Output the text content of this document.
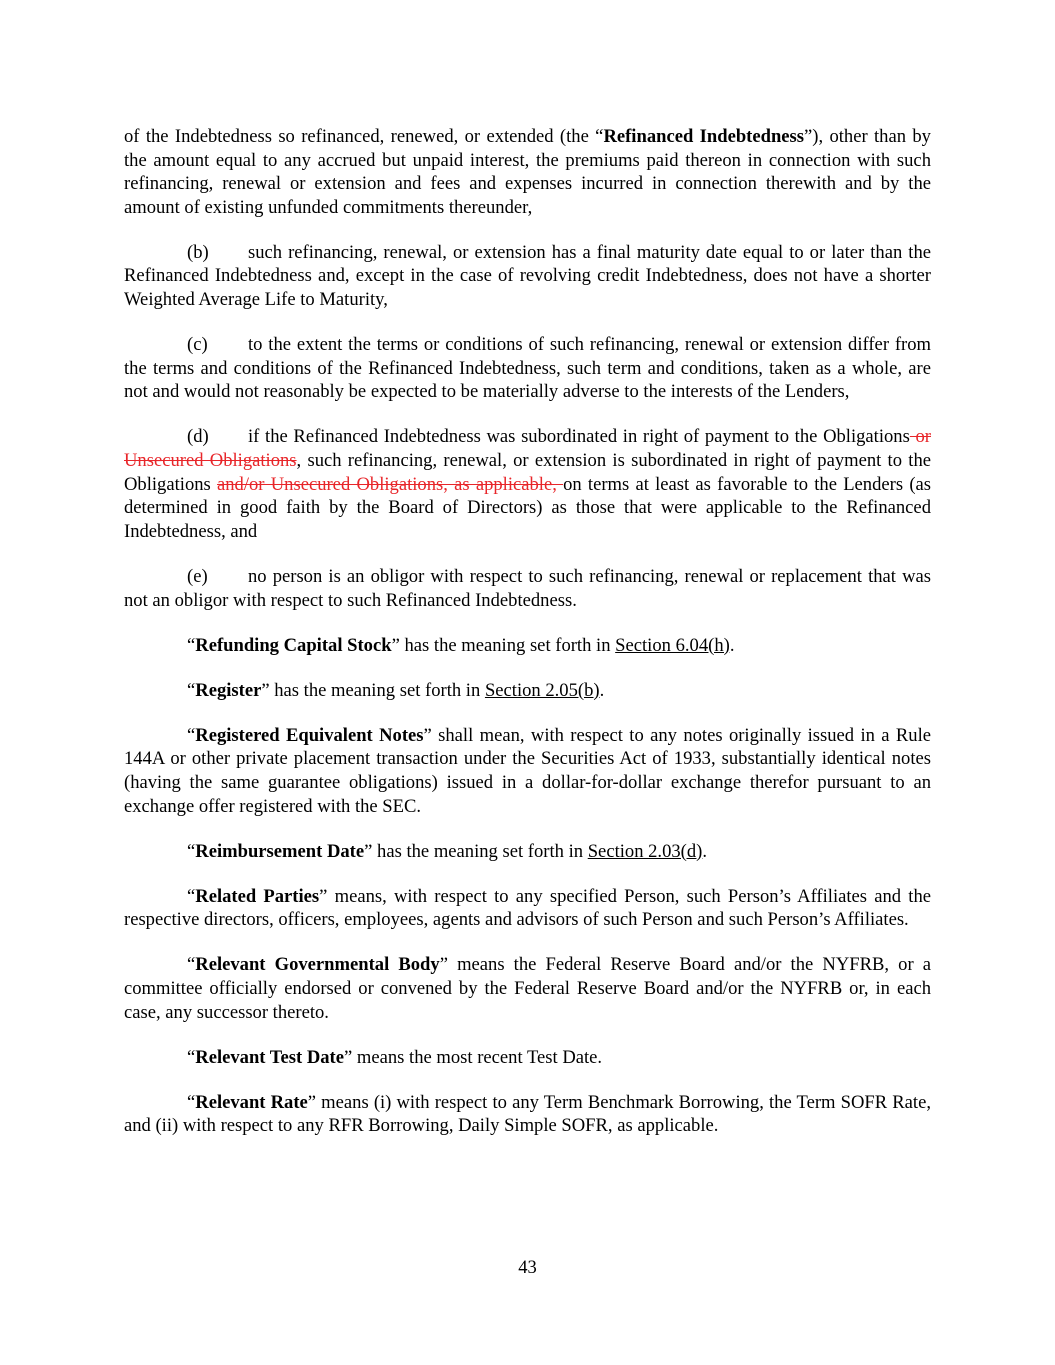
of the Indebtedness so refinanced, renewed, or extended (the “Refinanced Indebtedness”), other than by the amount equal to any accrued but unpaid interest, the premiums paid thereon in connection with such refinancing, renewal or extension and fees and expenses incurred in connection therewith and by the amount of existing unfunded commitments thereunder,

(b) such refinancing, renewal, or extension has a final maturity date equal to or later than the Refinanced Indebtedness and, except in the case of revolving credit Indebtedness, does not have a shorter Weighted Average Life to Maturity,

(c) to the extent the terms or conditions of such refinancing, renewal or extension differ from the terms and conditions of the Refinanced Indebtedness, such term and conditions, taken as a whole, are not and would not reasonably be expected to be materially adverse to the interests of the Lenders,

(d) if the Refinanced Indebtedness was subordinated in right of payment to the Obligations or Unsecured Obligations, such refinancing, renewal, or extension is subordinated in right of payment to the Obligations and/or Unsecured Obligations, as applicable, on terms at least as favorable to the Lenders (as determined in good faith by the Board of Directors) as those that were applicable to the Refinanced Indebtedness, and

(e) no person is an obligor with respect to such refinancing, renewal or replacement that was not an obligor with respect to such Refinanced Indebtedness.

“Refunding Capital Stock” has the meaning set forth in Section 6.04(h).

“Register” has the meaning set forth in Section 2.05(b).

“Registered Equivalent Notes” shall mean, with respect to any notes originally issued in a Rule 144A or other private placement transaction under the Securities Act of 1933, substantially identical notes (having the same guarantee obligations) issued in a dollar-for-dollar exchange therefor pursuant to an exchange offer registered with the SEC.

“Reimbursement Date” has the meaning set forth in Section 2.03(d).

“Related Parties” means, with respect to any specified Person, such Person’s Affiliates and the respective directors, officers, employees, agents and advisors of such Person and such Person’s Affiliates.

“Relevant Governmental Body” means the Federal Reserve Board and/or the NYFRB, or a committee officially endorsed or convened by the Federal Reserve Board and/or the NYFRB or, in each case, any successor thereto.

“Relevant Test Date” means the most recent Test Date.

“Relevant Rate” means (i) with respect to any Term Benchmark Borrowing, the Term SOFR Rate, and (ii) with respect to any RFR Borrowing, Daily Simple SOFR, as applicable.

43
